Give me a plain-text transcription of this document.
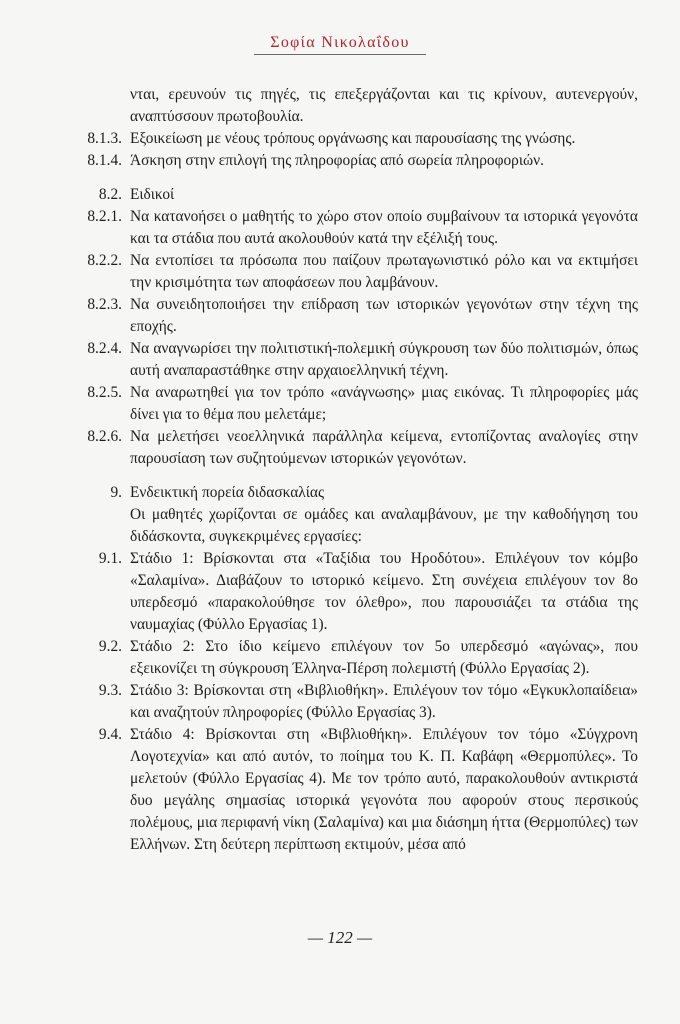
Σοφία Νικολαΐδου
νται, ερευνούν τις πηγές, τις επεξεργάζονται και τις κρίνουν, αυτενεργούν, αναπτύσσουν πρωτοβουλία.
8.1.3. Εξοικείωση με νέους τρόπους οργάνωσης και παρουσίασης της γνώσης.
8.1.4. Άσκηση στην επιλογή της πληροφορίας από σωρεία πληροφοριών.
8.2. Ειδικοί
8.2.1. Να κατανοήσει ο μαθητής το χώρο στον οποίο συμβαίνουν τα ιστορικά γεγονότα και τα στάδια που αυτά ακολουθούν κατά την εξέλιξή τους.
8.2.2. Να εντοπίσει τα πρόσωπα που παίζουν πρωταγωνιστικό ρόλο και να εκτιμήσει την κρισιμότητα των αποφάσεων που λαμβάνουν.
8.2.3. Να συνειδητοποιήσει την επίδραση των ιστορικών γεγονότων στην τέχνη της εποχής.
8.2.4. Να αναγνωρίσει την πολιτιστική-πολεμική σύγκρουση των δύο πολιτισμών, όπως αυτή αναπαραστάθηκε στην αρχαιοελληνική τέχνη.
8.2.5. Να αναρωτηθεί για τον τρόπο «ανάγνωσης» μιας εικόνας. Τι πληροφορίες μάς δίνει για το θέμα που μελετάμε;
8.2.6. Να μελετήσει νεοελληνικά παράλληλα κείμενα, εντοπίζοντας αναλογίες στην παρουσίαση των συζητούμενων ιστορικών γεγονότων.
9. Ενδεικτική πορεία διδασκαλίας
Οι μαθητές χωρίζονται σε ομάδες και αναλαμβάνουν, με την καθοδήγηση του διδάσκοντα, συγκεκριμένες εργασίες:
9.1. Στάδιο 1: Βρίσκονται στα «Ταξίδια του Ηροδότου». Επιλέγουν τον κόμβο «Σαλαμίνα». Διαβάζουν το ιστορικό κείμενο. Στη συνέχεια επιλέγουν τον 8ο υπερδεσμό «παρακολούθησε τον όλεθρο», που παρουσιάζει τα στάδια της ναυμαχίας (Φύλλο Εργασίας 1).
9.2. Στάδιο 2: Στο ίδιο κείμενο επιλέγουν τον 5ο υπερδεσμό «αγώνας», που εξεικονίζει τη σύγκρουση Έλληνα-Πέρση πολεμιστή (Φύλλο Εργασίας 2).
9.3. Στάδιο 3: Βρίσκονται στη «Βιβλιοθήκη». Επιλέγουν τον τόμο «Εγκυκλοπαίδεια» και αναζητούν πληροφορίες (Φύλλο Εργασίας 3).
9.4. Στάδιο 4: Βρίσκονται στη «Βιβλιοθήκη». Επιλέγουν τον τόμο «Σύγχρονη Λογοτεχνία» και από αυτόν, το ποίημα του Κ. Π. Καβάφη «Θερμοπύλες». Το μελετούν (Φύλλο Εργασίας 4). Με τον τρόπο αυτό, παρακολουθούν αντικριστά δυο μεγάλης σημασίας ιστορικά γεγονότα που αφορούν στους περσικούς πολέμους, μια περιφανή νίκη (Σαλαμίνα) και μια διάσημη ήττα (Θερμοπύλες) των Ελλήνων. Στη δεύτερη περίπτωση εκτιμούν, μέσα από
— 122 —
